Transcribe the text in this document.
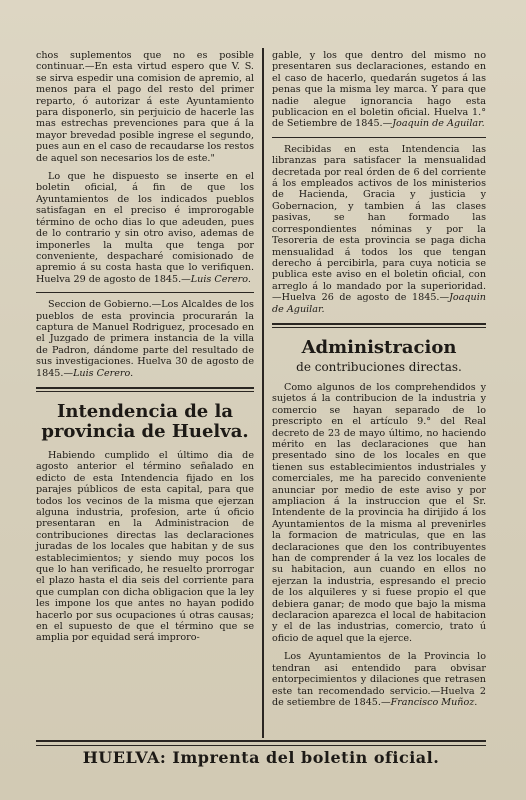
chos suplementos que no es posible continuar.—En esta virtud espero que V. S. se sirva espedir una comision de apremio, al menos para el pago del resto del primer reparto, ó autorizar á este Ayuntamiento para disponerlo, sin perjuicio de hacerle las mas estrechas prevenciones para que á la mayor brevedad posible ingrese el segundo, pues aun en el caso de recaudarse los restos de aquel son necesarios los de este."

Lo que he dispuesto se inserte en el boletin oficial, á fin de que los Ayuntamientos de los indicados pueblos satisfagan en el preciso é improrogable término de ocho dias lo que adeuden, pues de lo contrario y sin otro aviso, ademas de imponerles la multa que tenga por conveniente, despacharé comisionado de apremio á su costa hasta que lo verifiquen. Huelva 29 de agosto de 1845.—Luis Cerero.

Seccion de Gobierno.—Los Alcaldes de los pueblos de esta provincia procurarán la captura de Manuel Rodriguez, procesado en el Juzgado de primera instancia de la villa de Padron, dándome parte del resultado de sus investigaciones. Huelva 30 de agosto de 1845.—Luis Cerero.

Intendencia de la provincia de Huelva.

Habiendo cumplido el último dia de agosto anterior el término señalado en edicto de esta Intendencia fijado en los parajes públicos de esta capital, para que todos los vecinos de la misma que ejerzan alguna industria, profesion, arte ú oficio presentaran en la Administracion de contribuciones directas las declaraciones juradas de los locales que habitan y de sus establecimientos; y siendo muy pocos los que lo han verificado, he resuelto prorrogar el plazo hasta el dia seis del corriente para que cumplan con dicha obligacion que la ley les impone los que antes no hayan podido hacerlo por sus ocupaciones ú otras causas; en el supuesto de que el término que se amplia por equidad será improro-

gable, y los que dentro del mismo no presentaren sus declaraciones, estando en el caso de hacerlo, quedarán sugetos á las penas que la misma ley marca. Y para que nadie alegue ignorancia hago esta publicacion en el boletin oficial. Huelva 1.° de Setiembre de 1845.—Joaquin de Aguilar.

Recibidas en esta Intendencia las libranzas para satisfacer la mensualidad decretada por real órden de 6 del corriente á los empleados activos de los ministerios de Hacienda, Gracia y justicia y Gobernacion, y tambien á las clases pasivas, se han formado las correspondientes nóminas y por la Tesoreria de esta provincia se paga dicha mensualidad á todos los que tengan derecho á percibirla, para cuya noticia se publica este aviso en el boletin oficial, con arreglo á lo mandado por la superioridad. —Huelva 26 de agosto de 1845.—Joaquin de Aguilar.

Administracion
de contribuciones directas.

Como algunos de los comprehendidos y sujetos á la contribucion de la industria y comercio se hayan separado de lo prescripto en el artículo 9.° del Real decreto de 23 de mayo último, no haciendo mérito en las declaraciones que han presentado sino de los locales en que tienen sus establecimientos industriales y comerciales, me ha parecido conveniente anunciar por medio de este aviso y por ampliacion á la instruccion que el Sr. Intendente de la provincia ha dirijido á los Ayuntamientos de la misma al prevenirles la formacion de matriculas, que en las declaraciones que den los contribuyentes han de comprender á la vez los locales de su habitacion, aun cuando en ellos no ejerzan la industria, espresando el precio de los alquileres y si fuese propio el que debiera ganar; de modo que bajo la misma declaracion aparezca el local de habitacion y el de las industrias, comercio, trato ú oficio de aquel que la ejerce.

Los Ayuntamientos de la Provincia lo tendran asi entendido para obvisar entorpecimientos y dilaciones que retrasen este tan recomendado servicio.—Huelva 2 de setiembre de 1845.—Francisco Muñoz.

HUELVA: Imprenta del boletin oficial.
